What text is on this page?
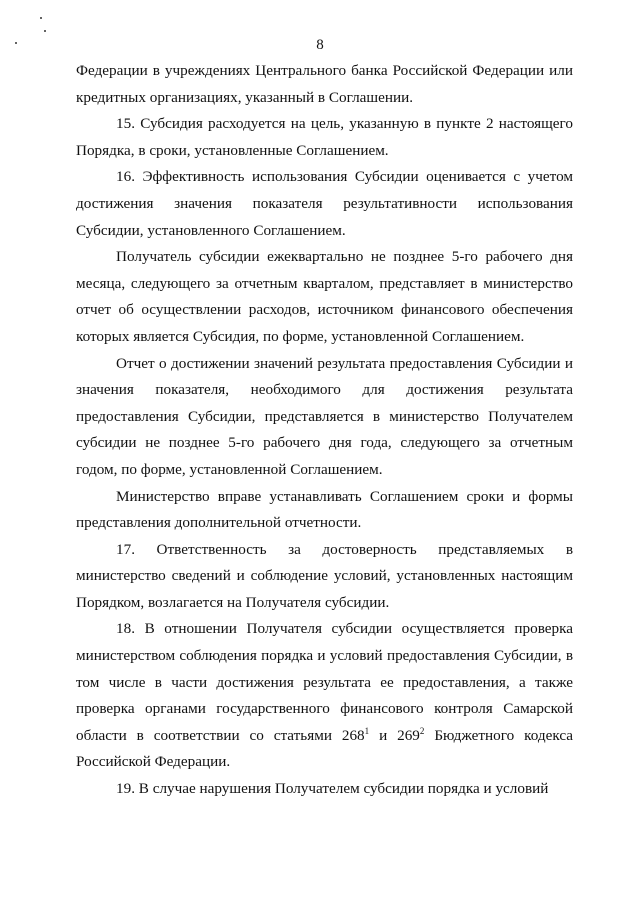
8

Федерации в учреждениях Центрального банка Российской Федерации или кредитных организациях, указанный в Соглашении.

15. Субсидия расходуется на цель, указанную в пункте 2 настоящего Порядка, в сроки, установленные Соглашением.

16. Эффективность использования Субсидии оценивается с учетом достижения значения показателя результативности использования Субсидии, установленного Соглашением.

Получатель субсидии ежеквартально не позднее 5-го рабочего дня месяца, следующего за отчетным кварталом, представляет в министерство отчет об осуществлении расходов, источником финансового обеспечения которых является Субсидия, по форме, установленной Соглашением.

Отчет о достижении значений результата предоставления Субсидии и значения показателя, необходимого для достижения результата предоставления Субсидии, представляется в министерство Получателем субсидии не позднее 5-го рабочего дня года, следующего за отчетным годом, по форме, установленной Соглашением.

Министерство вправе устанавливать Соглашением сроки и формы представления дополнительной отчетности.

17. Ответственность за достоверность представляемых в министерство сведений и соблюдение условий, установленных настоящим Порядком, возлагается на Получателя субсидии.

18. В отношении Получателя субсидии осуществляется проверка министерством соблюдения порядка и условий предоставления Субсидии, в том числе в части достижения результата ее предоставления, а также проверка органами государственного финансового контроля Самарской области в соответствии со статьями $268^1$ и $269^2$ Бюджетного кодекса Российской Федерации.

19. В случае нарушения Получателем субсидии порядка и условий
